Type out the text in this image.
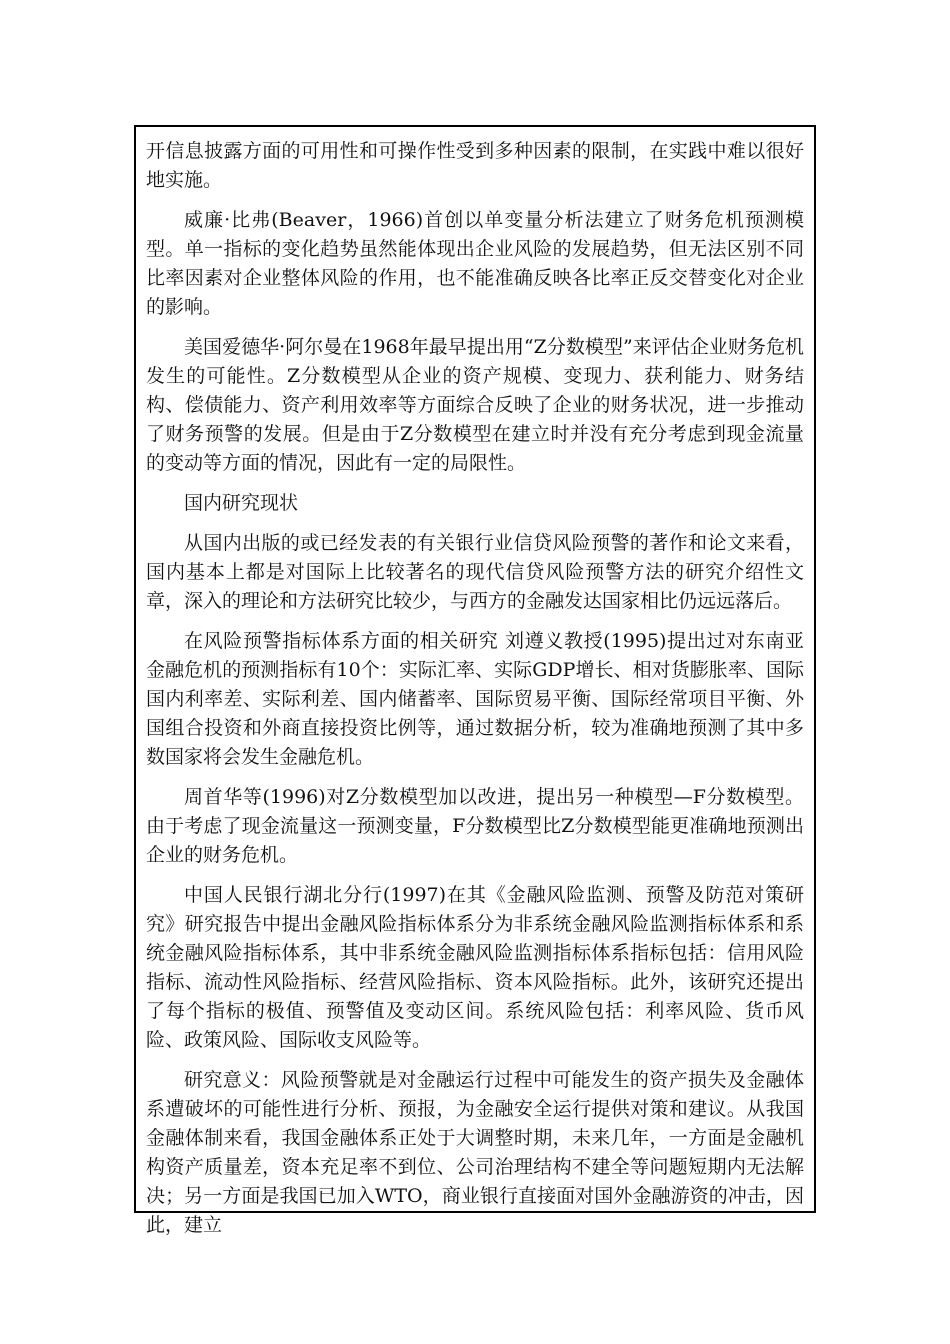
开信息披露方面的可用性和可操作性受到多种因素的限制，在实践中难以很好地实施。

威廉·比弗(Beaver，1966)首创以单变量分析法建立了财务危机预测模型。单一指标的变化趋势虽然能体现出企业风险的发展趋势，但无法区别不同比率因素对企业整体风险的作用，也不能准确反映各比率正反交替变化对企业的影响。

美国爱德华·阿尔曼在1968年最早提出用“Z分数模型”来评估企业财务危机发生的可能性。Z分数模型从企业的资产规模、变现力、获利能力、财务结构、偿债能力、资产利用效率等方面综合反映了企业的财务状况，进一步推动了财务预警的发展。但是由于Z分数模型在建立时并没有充分考虑到现金流量的变动等方面的情况，因此有一定的局限性。

国内研究现状

从国内出版的或已经发表的有关银行业信贷风险预警的著作和论文来看，国内基本上都是对国际上比较著名的现代信贷风险预警方法的研究介绍性文章，深入的理论和方法研究比较少，与西方的金融发达国家相比仍远远落后。

在风险预警指标体系方面的相关研究 刘遵义教授(1995)提出过对东南亚金融危机的预测指标有10个：实际汇率、实际GDP增长、相对货膨胀率、国际国内利率差、实际利差、国内储蓄率、国际贸易平衡、国际经常项目平衡、外国组合投资和外商直接投资比例等，通过数据分析，较为准确地预测了其中多数国家将会发生金融危机。

周首华等(1996)对Z分数模型加以改进，提出另一种模型—F分数模型。由于考虑了现金流量这一预测变量，F分数模型比Z分数模型能更准确地预测出企业的财务危机。

中国人民银行湖北分行(1997)在其《金融风险监测、预警及防范对策研究》研究报告中提出金融风险指标体系分为非系统金融风险监测指标体系和系统金融风险指标体系，其中非系统金融风险监测指标体系指标包括：信用风险指标、流动性风险指标、经营风险指标、资本风险指标。此外，该研究还提出了每个指标的极值、预警值及变动区间。系统风险包括：利率风险、货币风险、政策风险、国际收支风险等。

研究意义：风险预警就是对金融运行过程中可能发生的资产损失及金融体系遭破坏的可能性进行分析、预报，为金融安全运行提供对策和建议。从我国金融体制来看，我国金融体系正处于大调整时期，未来几年，一方面是金融机构资产质量差，资本充足率不到位、公司治理结构不建全等问题短期内无法解决；另一方面是我国已加入WTO，商业银行直接面对国外金融游资的冲击，因此，建立
